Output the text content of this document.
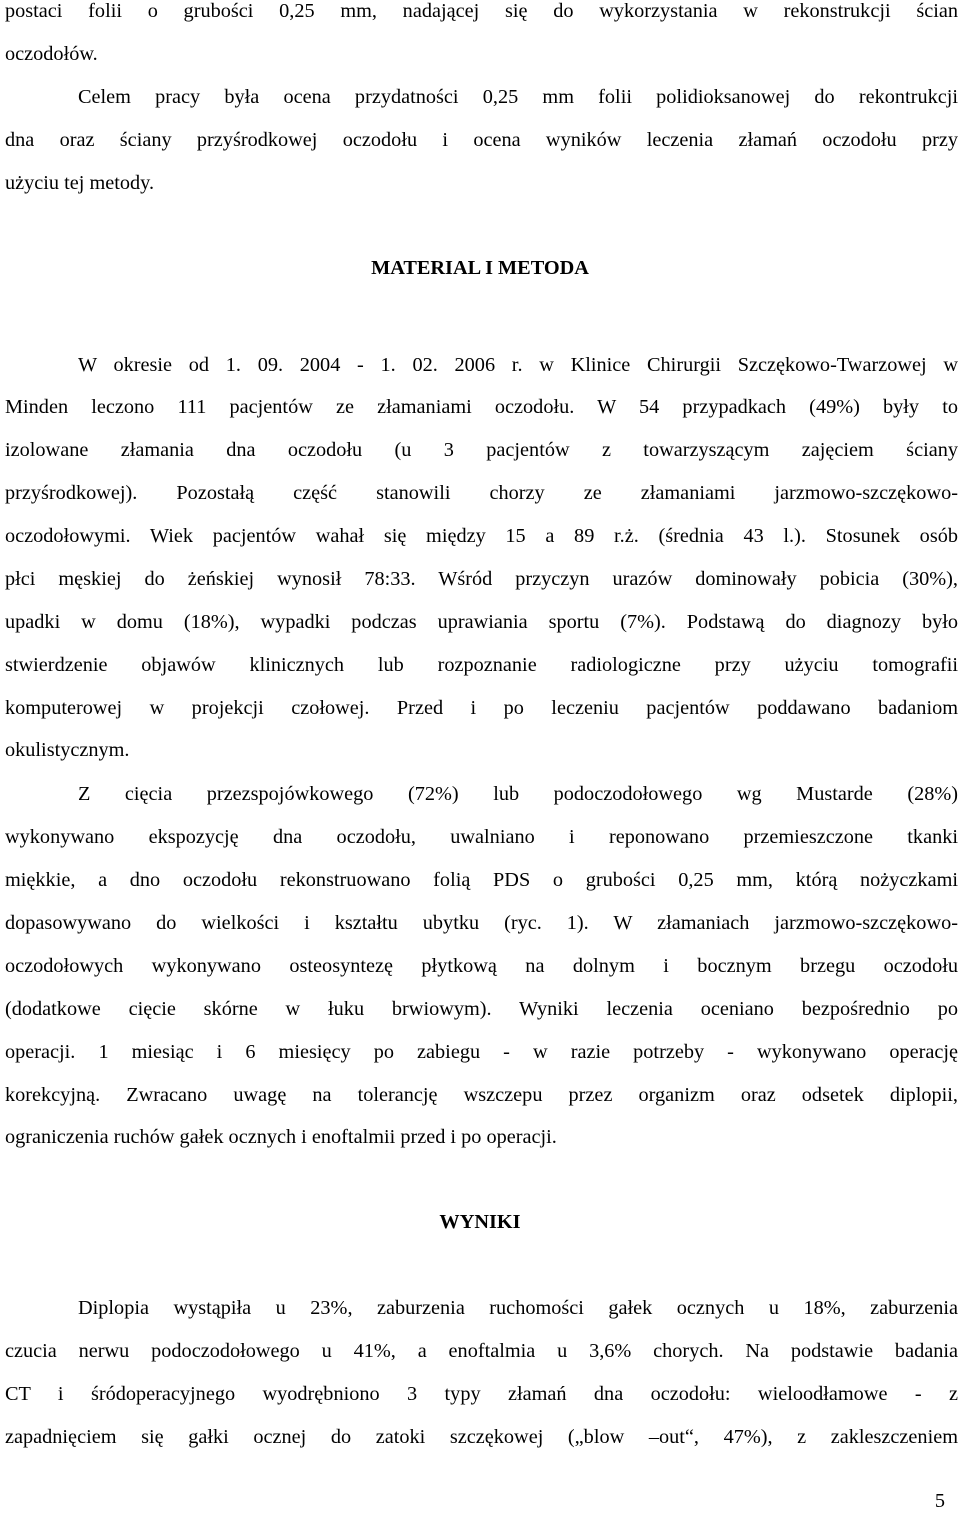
postaci folii o grubości 0,25 mm, nadającej się do wykorzystania w rekonstrukcji ścian
oczodołów.
Celem pracy była ocena przydatności 0,25 mm folii polidioksanowej do rekontrukcji
dna oraz ściany przyśrodkowej oczodołu i ocena wyników leczenia złamań oczodołu przy
użyciu tej metody.
MATERIAL I METODA
W okresie od 1. 09. 2004 - 1. 02. 2006 r. w Klinice Chirurgii Szczękowo-Twarzowej w
Minden leczono 111 pacjentów ze złamaniami oczodołu. W 54 przypadkach (49%) były to
izolowane złamania dna oczodołu (u 3 pacjentów z towarzyszącym zajęciem ściany
przyśrodkowej). Pozostałą część stanowili chorzy ze złamaniami jarzmowo-szczękowo-
oczodołowymi. Wiek pacjentów wahał się między 15 a 89 r.ż. (średnia 43 l.). Stosunek osób
płci męskiej do żeńskiej wynosił 78:33. Wśród przyczyn urazów dominowały pobicia (30%),
upadki w domu (18%), wypadki podczas uprawiania sportu (7%). Podstawą do diagnozy było
stwierdzenie objawów klinicznych lub rozpoznanie radiologiczne przy użyciu tomografii
komputerowej w projekcji czołowej. Przed i po leczeniu pacjentów poddawano badaniom
okulistycznym.
Z cięcia przezspojówkowego (72%) lub podoczodołowego wg Mustarde (28%)
wykonywano ekspozycję dna oczodołu, uwalniano i reponowano przemieszczone tkanki
miękkie, a dno oczodołu rekonstruowano folią PDS o grubości 0,25 mm, którą nożyczkami
dopasowywano do wielkości i kształtu ubytku (ryc. 1). W złamaniach jarzmowo-szczękowo-
oczodołowych wykonywano osteosyntezę płytkową na dolnym i bocznym brzegu oczodołu
(dodatkowe cięcie skórne w łuku brwiowym). Wyniki leczenia oceniano bezpośrednio po
operacji. 1 miesiąc i 6 miesięcy po zabiegu - w razie potrzeby - wykonywano operację
korekcyjną. Zwracano uwagę na tolerancję wszczepu przez organizm oraz odsetek diplopii,
ograniczenia ruchów gałek ocznych i enoftalmii przed i po operacji.
WYNIKI
Diplopia wystąpiła u 23%, zaburzenia ruchomości gałek ocznych u 18%, zaburzenia
czucia nerwu podoczodołowego u 41%, a enoftalmia u 3,6% chorych. Na podstawie badania
CT i śródoperacyjnego wyodrębniono 3 typy złamań dna oczodołu: wieloodłamowe - z
zapadnięciem się gałki ocznej do zatoki szczękowej („blow –out“, 47%), z zakleszczeniem
5
